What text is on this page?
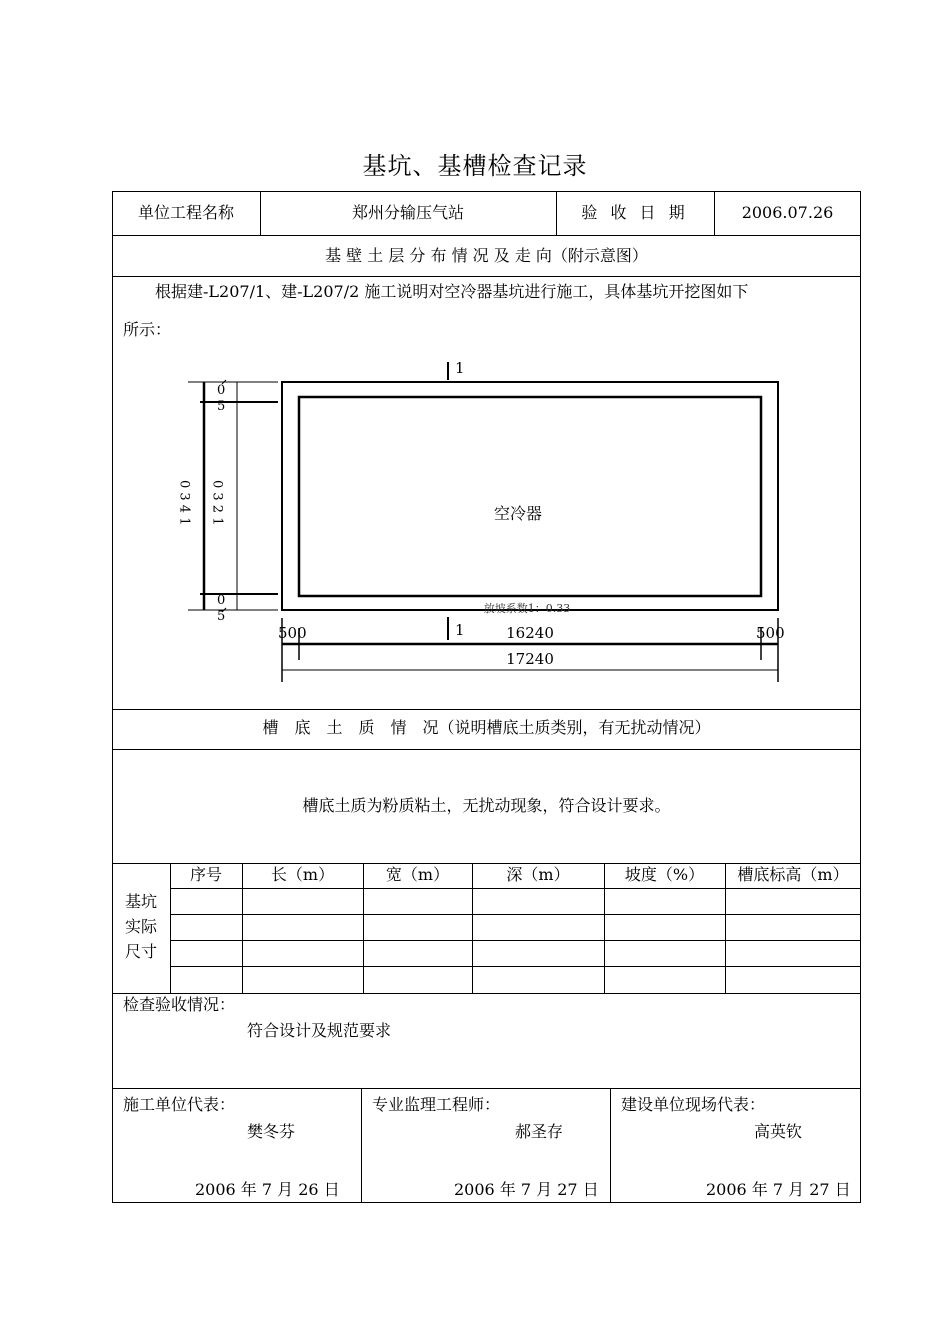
基坑、基槽检查记录
单位工程名称	郑州分输压气站	验 收 日 期	2006.07.26
基 壁 土 层 分 布 情 况 及 走 向（附示意图）
根据建-L207/1、建-L207/2 施工说明对空冷器基坑进行施工，具体基坑开挖图如下
所示：
1
1
空冷器
放坡系数1：0.33
500	16240	500
17240
0
5
0 3 4 1 0 3 2 1
0
5
槽　底　土　质　情　况（说明槽底土质类别，有无扰动情况）
槽底土质为粉质粘土，无扰动现象，符合设计要求。
基坑
实际
尺寸
序号	长（m）	宽（m）	深（m）	坡度（%）	槽底标高（m）
检查验收情况：
符合设计及规范要求
施工单位代表：
樊冬芬
2006 年 7 月 26 日
专业监理工程师：
郝圣存
2006 年 7 月 27 日
建设单位现场代表：
高英钦
2006 年 7 月 27 日
